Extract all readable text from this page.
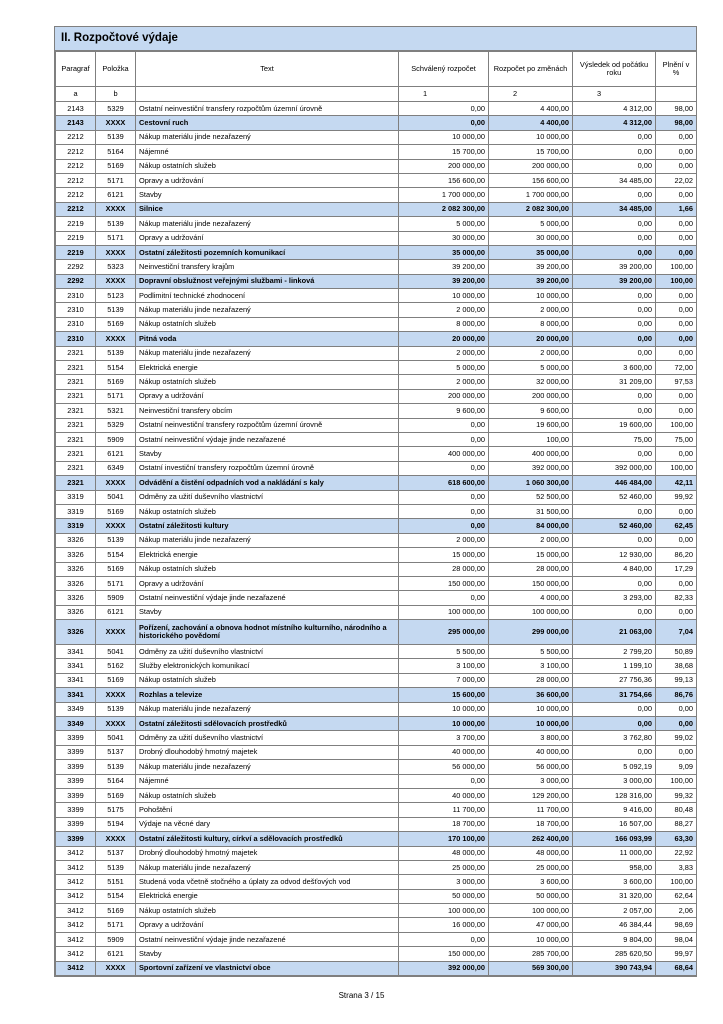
II. Rozpočtové výdaje
Paragraf	Položka	Text	Schválený rozpočet	Rozpočet po změnách	Výsledek od počátku roku	Plnění v %
a	b		1	2	3	
2143	5329	Ostatní neinvestiční transfery rozpočtům územní úrovně	0,00	4 400,00	4 312,00	98,00
2143	XXXX	Cestovní ruch	0,00	4 400,00	4 312,00	98,00
2212	5139	Nákup materiálu jinde nezařazený	10 000,00	10 000,00	0,00	0,00
2212	5164	Nájemné	15 700,00	15 700,00	0,00	0,00
2212	5169	Nákup ostatních služeb	200 000,00	200 000,00	0,00	0,00
2212	5171	Opravy a udržování	156 600,00	156 600,00	34 485,00	22,02
2212	6121	Stavby	1 700 000,00	1 700 000,00	0,00	0,00
2212	XXXX	Silnice	2 082 300,00	2 082 300,00	34 485,00	1,66
2219	5139	Nákup materiálu jinde nezařazený	5 000,00	5 000,00	0,00	0,00
2219	5171	Opravy a udržování	30 000,00	30 000,00	0,00	0,00
2219	XXXX	Ostatní záležitosti pozemních komunikací	35 000,00	35 000,00	0,00	0,00
2292	5323	Neinvestiční transfery krajům	39 200,00	39 200,00	39 200,00	100,00
2292	XXXX	Dopravní obslužnost veřejnými službami - linková	39 200,00	39 200,00	39 200,00	100,00
2310	5123	Podlimitní technické zhodnocení	10 000,00	10 000,00	0,00	0,00
2310	5139	Nákup materiálu jinde nezařazený	2 000,00	2 000,00	0,00	0,00
2310	5169	Nákup ostatních služeb	8 000,00	8 000,00	0,00	0,00
2310	XXXX	Pitná voda	20 000,00	20 000,00	0,00	0,00
2321	5139	Nákup materiálu jinde nezařazený	2 000,00	2 000,00	0,00	0,00
2321	5154	Elektrická energie	5 000,00	5 000,00	3 600,00	72,00
2321	5169	Nákup ostatních služeb	2 000,00	32 000,00	31 209,00	97,53
2321	5171	Opravy a udržování	200 000,00	200 000,00	0,00	0,00
2321	5321	Neinvestiční transfery obcím	9 600,00	9 600,00	0,00	0,00
2321	5329	Ostatní neinvestiční transfery rozpočtům územní úrovně	0,00	19 600,00	19 600,00	100,00
2321	5909	Ostatní neinvestiční výdaje jinde nezařazené	0,00	100,00	75,00	75,00
2321	6121	Stavby	400 000,00	400 000,00	0,00	0,00
2321	6349	Ostatní investiční transfery rozpočtům územní úrovně	0,00	392 000,00	392 000,00	100,00
2321	XXXX	Odvádění a čistění odpadních vod a nakládání s kaly	618 600,00	1 060 300,00	446 484,00	42,11
3319	5041	Odměny za užití duševního vlastnictví	0,00	52 500,00	52 460,00	99,92
3319	5169	Nákup ostatních služeb	0,00	31 500,00	0,00	0,00
3319	XXXX	Ostatní záležitosti kultury	0,00	84 000,00	52 460,00	62,45
3326	5139	Nákup materiálu jinde nezařazený	2 000,00	2 000,00	0,00	0,00
3326	5154	Elektrická energie	15 000,00	15 000,00	12 930,00	86,20
3326	5169	Nákup ostatních služeb	28 000,00	28 000,00	4 840,00	17,29
3326	5171	Opravy a udržování	150 000,00	150 000,00	0,00	0,00
3326	5909	Ostatní neinvestiční výdaje jinde nezařazené	0,00	4 000,00	3 293,00	82,33
3326	6121	Stavby	100 000,00	100 000,00	0,00	0,00
3326	XXXX	Pořízení, zachování a obnova hodnot místního kulturního, národního a historického povědomí	295 000,00	299 000,00	21 063,00	7,04
3341	5041	Odměny za užití duševního vlastnictví	5 500,00	5 500,00	2 799,20	50,89
3341	5162	Služby elektronických komunikací	3 100,00	3 100,00	1 199,10	38,68
3341	5169	Nákup ostatních služeb	7 000,00	28 000,00	27 756,36	99,13
3341	XXXX	Rozhlas a televize	15 600,00	36 600,00	31 754,66	86,76
3349	5139	Nákup materiálu jinde nezařazený	10 000,00	10 000,00	0,00	0,00
3349	XXXX	Ostatní záležitosti sdělovacích prostředků	10 000,00	10 000,00	0,00	0,00
3399	5041	Odměny za užití duševního vlastnictví	3 700,00	3 800,00	3 762,80	99,02
3399	5137	Drobný dlouhodobý hmotný majetek	40 000,00	40 000,00	0,00	0,00
3399	5139	Nákup materiálu jinde nezařazený	56 000,00	56 000,00	5 092,19	9,09
3399	5164	Nájemné	0,00	3 000,00	3 000,00	100,00
3399	5169	Nákup ostatních služeb	40 000,00	129 200,00	128 316,00	99,32
3399	5175	Pohoštění	11 700,00	11 700,00	9 416,00	80,48
3399	5194	Výdaje na věcné dary	18 700,00	18 700,00	16 507,00	88,27
3399	XXXX	Ostatní záležitosti kultury, církví a sdělovacích prostředků	170 100,00	262 400,00	166 093,99	63,30
3412	5137	Drobný dlouhodobý hmotný majetek	48 000,00	48 000,00	11 000,00	22,92
3412	5139	Nákup materiálu jinde nezařazený	25 000,00	25 000,00	958,00	3,83
3412	5151	Studená voda včetně stočného a úplaty za odvod dešťových vod	3 000,00	3 600,00	3 600,00	100,00
3412	5154	Elektrická energie	50 000,00	50 000,00	31 320,00	62,64
3412	5169	Nákup ostatních služeb	100 000,00	100 000,00	2 057,00	2,06
3412	5171	Opravy a udržování	16 000,00	47 000,00	46 384,44	98,69
3412	5909	Ostatní neinvestiční výdaje jinde nezařazené	0,00	10 000,00	9 804,00	98,04
3412	6121	Stavby	150 000,00	285 700,00	285 620,50	99,97
3412	XXXX	Sportovní zařízení ve vlastnictví obce	392 000,00	569 300,00	390 743,94	68,64
Strana 3 / 15
